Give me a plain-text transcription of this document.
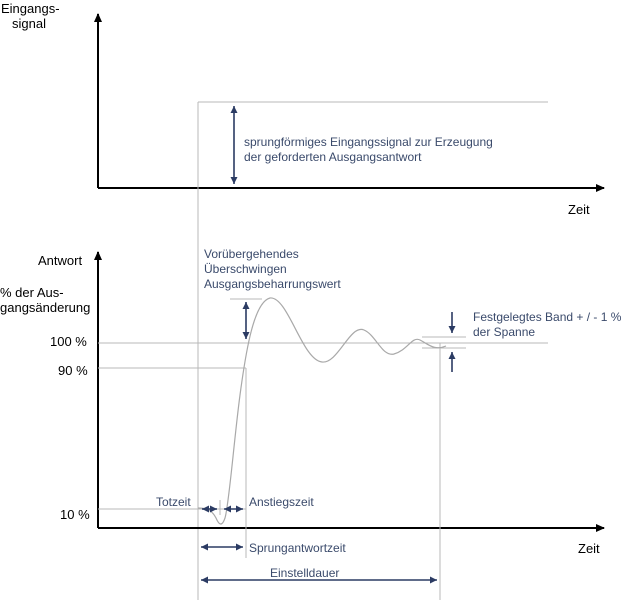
Eingangs-
signal
Zeit
sprungförmiges Eingangssignal zur Erzeugung
der geforderten Ausgangsantwort
Antwort
% der Aus-
gangsänderung
Zeit
100 %
90 %
10 %
Vorübergehendes
Überschwingen
Ausgangsbeharrungswert
Festgelegtes Band + / - 1 %
der Spanne
Totzeit	Anstiegszeit
Sprungantwortzeit
Einstelldauer
